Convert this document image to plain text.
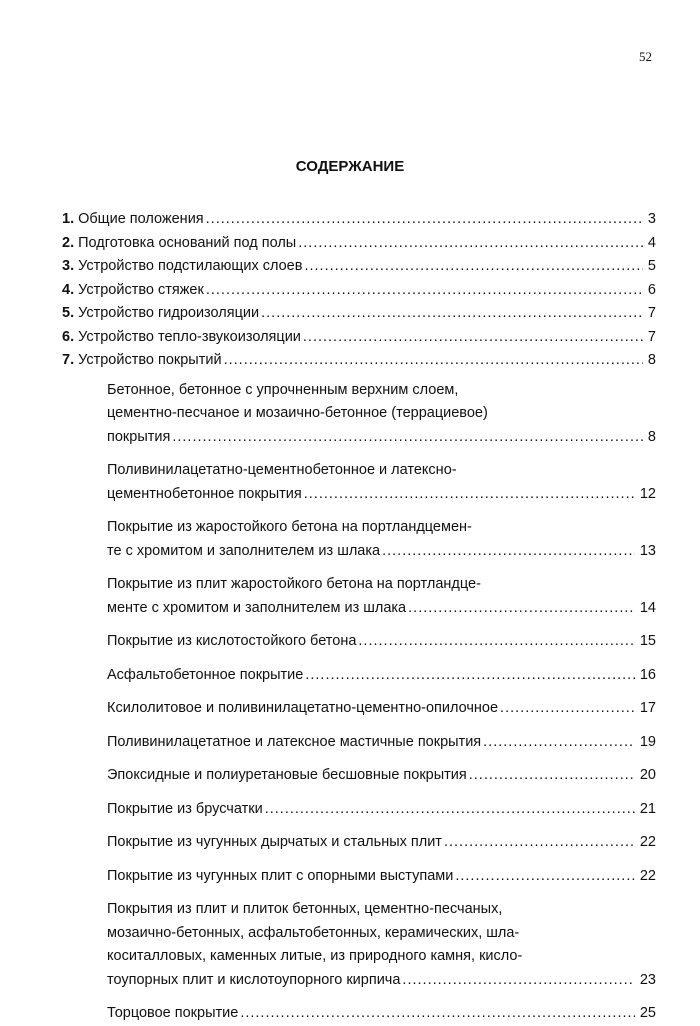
52
СОДЕРЖАНИЕ
1. Общие положения .....	3
2. Подготовка оснований под полы .....	4
3. Устройство подстилающих слоев .....	5
4. Устройство стяжек .....	6
5. Устройство гидроизоляции .....	7
6. Устройство тепло-звукоизоляции .....	7
7. Устройство покрытий .....	8
Бетонное, бетонное с упрочненным верхним слоем,
цементно-песчаное и мозаично-бетонное (террациевое)
покрытия .....	8
Поливинилацетатно-цементнобетонное и латексно-
цементнобетонное покрытия .....	12
Покрытие из жаростойкого бетона на портландцемен-
те с хромитом и заполнителем из шлака .....	13
Покрытие из плит жаростойкого бетона на портландце-
менте с хромитом и заполнителем из шлака .....	14
Покрытие из кислотостойкого бетона .....	15
Асфальтобетонное покрытие .....	16
Ксилолитовое и поливинилацетатно-цементно-опилочное .....	17
Поливинилацетатное и латексное мастичные покрытия .....	19
Эпоксидные и полиуретановые бесшовные покрытия .....	20
Покрытие из брусчатки .....	21
Покрытие из чугунных дырчатых и стальных плит .....	22
Покрытие из чугунных плит с опорными выступами .....	22
Покрытия из плит и плиток бетонных, цементно-песчаных,
мозаично-бетонных, асфальтобетонных, керамических, шла-
коситалловых, каменных литые, из природного камня, кисло-
тоупорных плит и кислотоупорного кирпича .....	23
Торцовое покрытие .....	25
